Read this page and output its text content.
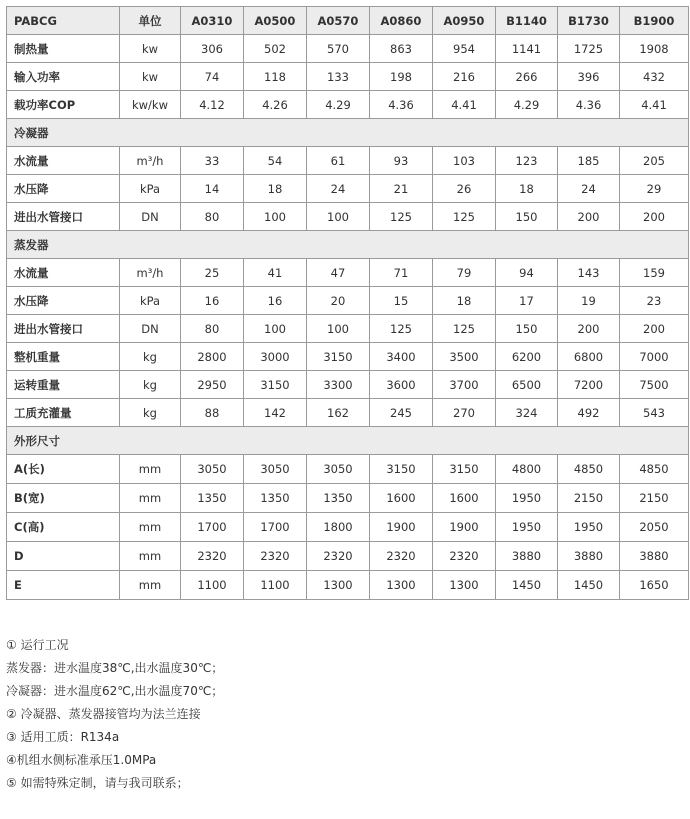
PABCG	单位	A0310	A0500	A0570	A0860	A0950	B1140	B1730	B1900
制热量	kw	306	502	570	863	954	1141	1725	1908
输入功率	kw	74	118	133	198	216	266	396	432
载功率COP	kw/kw	4.12	4.26	4.29	4.36	4.41	4.29	4.36	4.41
冷凝器									
水流量	m³/h	33	54	61	93	103	123	185	205
水压降	kPa	14	18	24	21	26	18	24	29
进出水管接口	DN	80	100	100	125	125	150	200	200
蒸发器									
水流量	m³/h	25	41	47	71	79	94	143	159
水压降	kPa	16	16	20	15	18	17	19	23
进出水管接口	DN	80	100	100	125	125	150	200	200
整机重量	kg	2800	3000	3150	3400	3500	6200	6800	7000
运转重量	kg	2950	3150	3300	3600	3700	6500	7200	7500
工质充灌量	kg	88	142	162	245	270	324	492	543
外形尺寸									
A(长)	mm	3050	3050	3050	3150	3150	4800	4850	4850
B(宽)	mm	1350	1350	1350	1600	1600	1950	2150	2150
C(高)	mm	1700	1700	1800	1900	1900	1950	1950	2050
D	mm	2320	2320	2320	2320	2320	3880	3880	3880
E	mm	1100	1100	1300	1300	1300	1450	1450	1650
① 运行工况
蒸发器：进水温度38℃,出水温度30℃；
冷凝器：进水温度62℃,出水温度70℃；
② 冷凝器、蒸发器接管均为法兰连接
③ 适用工质：R134a
④机组水侧标准承压1.0MPa
⑤ 如需特殊定制，请与我司联系；
